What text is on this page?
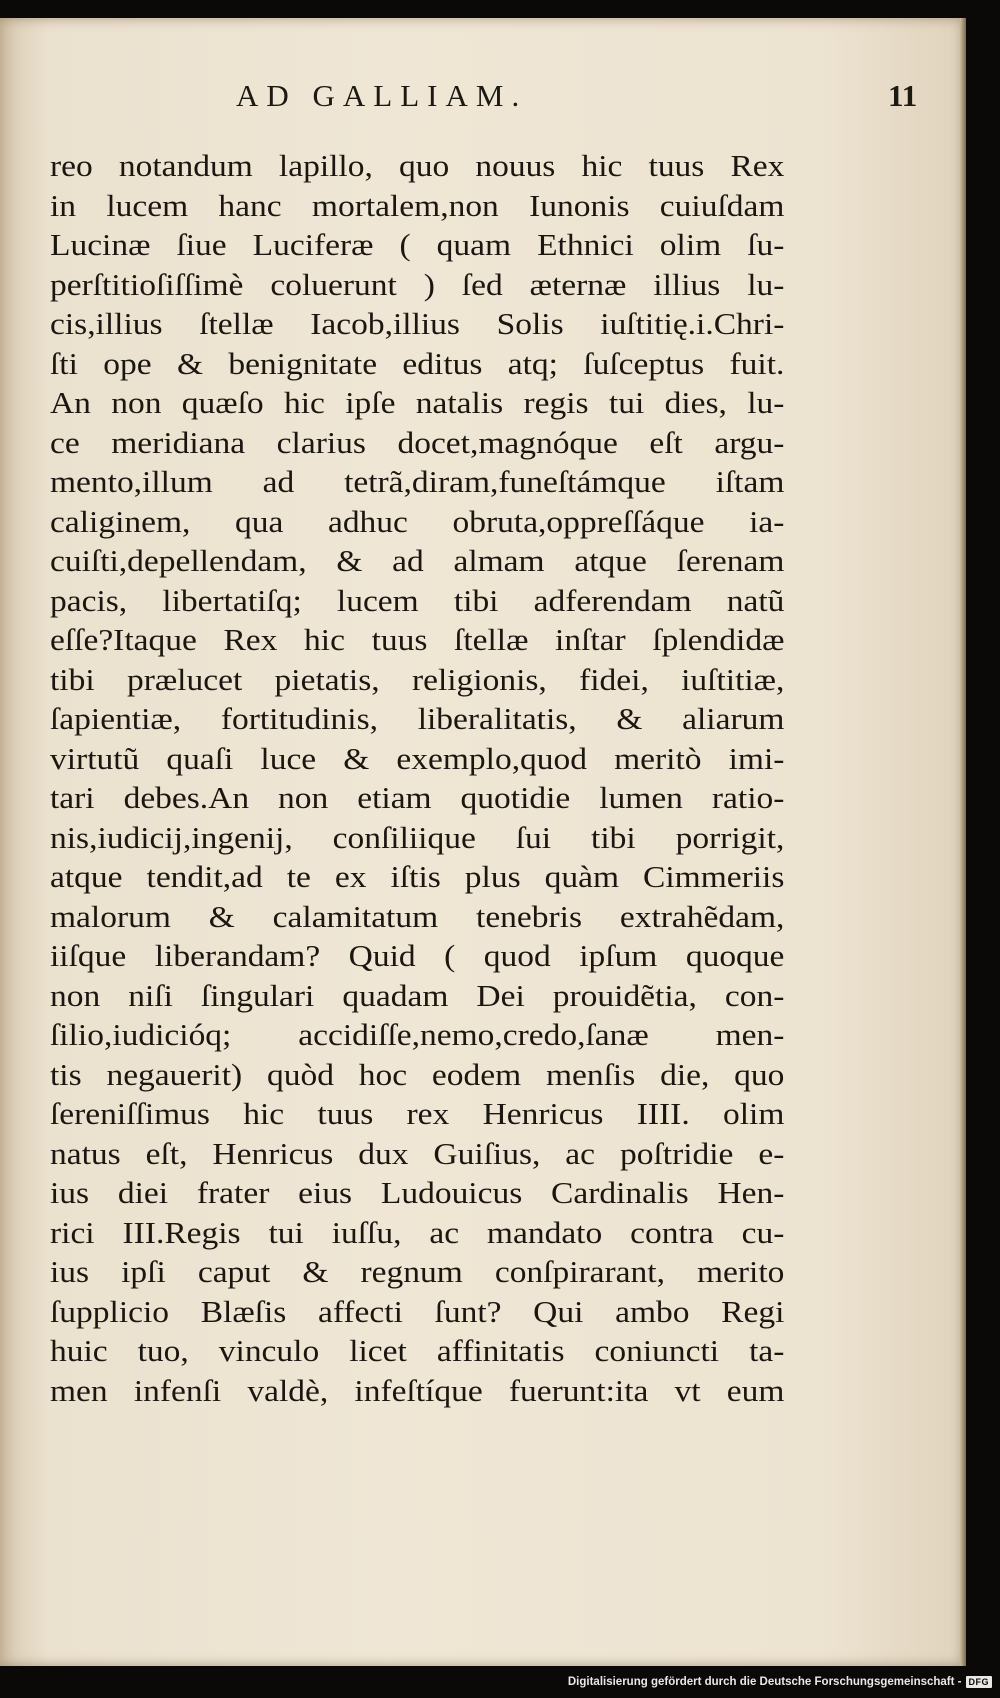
AD GALLIAM.	11
reo notandum lapillo, quo nouus hic tuus Rex
in lucem hanc mortalem,non Iunonis cuiuſdam
Lucinæ ſiue Luciferæ ( quam Ethnici olim ſu-
perſtitioſiſſimè coluerunt ) ſed æternæ illius lu-
cis,illius ſtellæ Iacob,illius Solis iuſtitię.i.Chri-
ſti ope & benignitate editus atq; ſuſceptus fuit.
An non quæſo hic ipſe natalis regis tui dies, lu-
ce meridiana clarius docet,magnóque eſt argu-
mento,illum ad tetrã,diram,funeſtámque iſtam
caliginem, qua adhuc obruta,oppreſſáque ia-
cuiſti,depellendam, & ad almam atque ſerenam
pacis, libertatiſq; lucem tibi adferendam natũ
eſſe?Itaque Rex hic tuus ſtellæ inſtar ſplendidæ
tibi prælucet pietatis, religionis, fidei, iuſtitiæ,
ſapientiæ, fortitudinis, liberalitatis, & aliarum
virtutũ quaſi luce & exemplo,quod meritò imi-
tari debes.An non etiam quotidie lumen ratio-
nis,iudicij,ingenij, conſiliique ſui tibi porrigit,
atque tendit,ad te ex iſtis plus quàm Cimmeriis
malorum & calamitatum tenebris extrahẽdam,
iiſque liberandam? Quid ( quod ipſum quoque
non niſi ſingulari quadam Dei prouidẽtia, con-
ſilio,iudicióq; accidiſſe,nemo,credo,ſanæ men-
tis negauerit) quòd hoc eodem menſis die, quo
ſereniſſimus hic tuus rex Henricus IIII. olim
natus eſt, Henricus dux Guiſius, ac poſtridie e-
ius diei frater eius Ludouicus Cardinalis Hen-
rici III.Regis tui iuſſu, ac mandato contra cu-
ius ipſi caput & regnum conſpirarant, merito
ſupplicio Blæſis affecti ſunt? Qui ambo Regi
huic tuo, vinculo licet affinitatis coniuncti ta-
men infenſi valdè, infeſtíque fuerunt:ita vt eum
Digitalisierung gefördert durch die Deutsche Forschungsgemeinschaft - DFG
